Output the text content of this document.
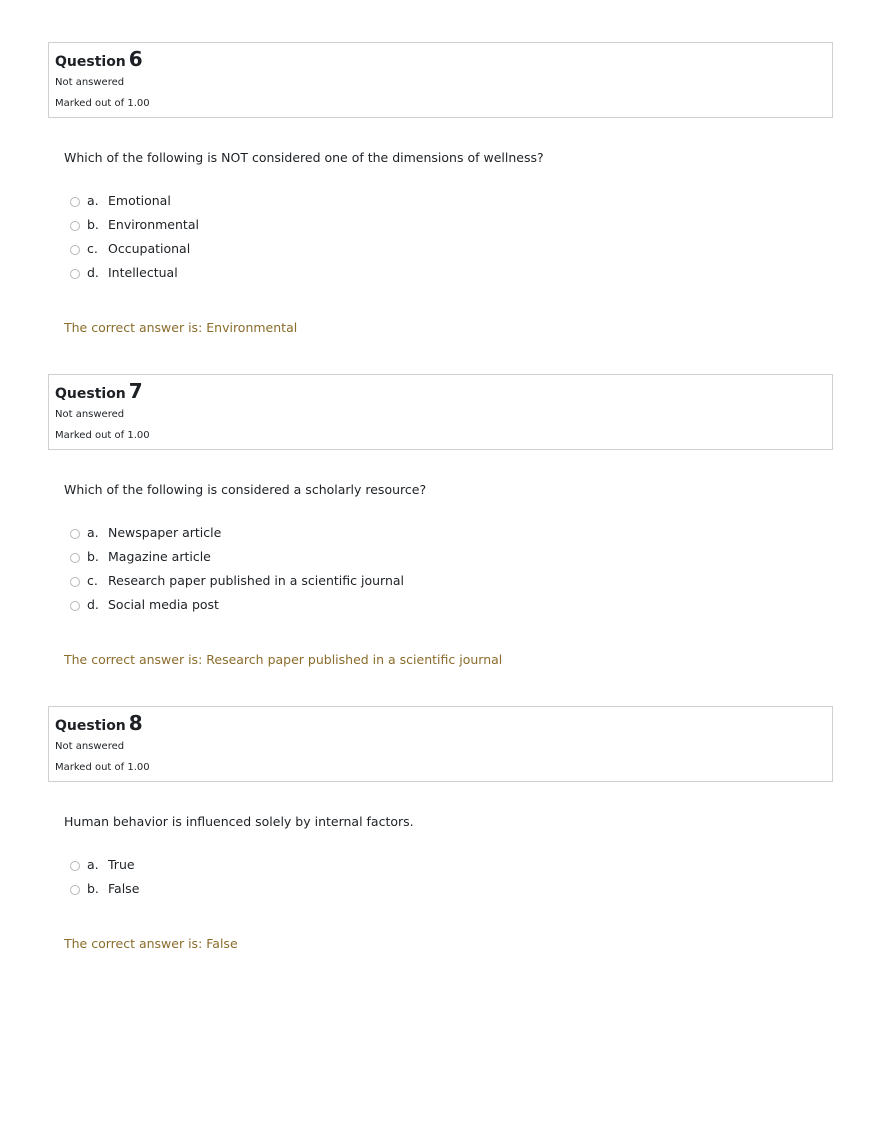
Question 6
Not answered
Marked out of 1.00
Which of the following is NOT considered one of the dimensions of wellness?
a. Emotional
b. Environmental
c. Occupational
d. Intellectual
The correct answer is: Environmental
Question 7
Not answered
Marked out of 1.00
Which of the following is considered a scholarly resource?
a. Newspaper article
b. Magazine article
c. Research paper published in a scientific journal
d. Social media post
The correct answer is: Research paper published in a scientific journal
Question 8
Not answered
Marked out of 1.00
Human behavior is influenced solely by internal factors.
a. True
b. False
The correct answer is: False
